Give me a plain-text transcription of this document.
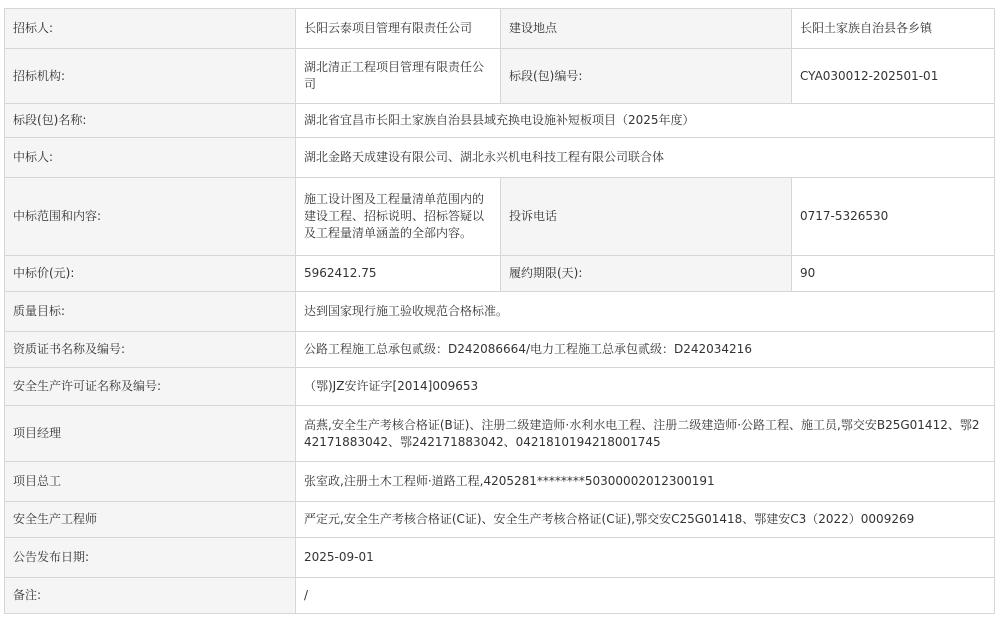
招标人:	长阳云泰项目管理有限责任公司	建设地点	长阳土家族自治县各乡镇
招标机构:	湖北清正工程项目管理有限责任公司	标段(包)编号:	CYA030012-202501-01
标段(包)名称:	湖北省宜昌市长阳土家族自治县县域充换电设施补短板项目（2025年度）		
中标人:	湖北金路天成建设有限公司、湖北永兴机电科技工程有限公司联合体		
中标范围和内容:	施工设计图及工程量清单范围内的建设工程、招标说明、招标答疑以及工程量清单涵盖的全部内容。	投诉电话	0717-5326530
中标价(元):	5962412.75	履约期限(天):	90
质量目标:	达到国家现行施工验收规范合格标准。		
资质证书名称及编号:	公路工程施工总承包贰级：D242086664/电力工程施工总承包贰级：D242034216		
安全生产许可证名称及编号:	（鄂)JZ安许证字[2014]009653		
项目经理	高燕,安全生产考核合格证(B证)、注册二级建造师·水利水电工程、注册二级建造师·公路工程、施工员,鄂交安B25G01412、鄂242171883042、鄂242171883042、0421810194218001745		
项目总工	张室政,注册土木工程师·道路工程,4205281********50300002012300191		
安全生产工程师	严定元,安全生产考核合格证(C证)、安全生产考核合格证(C证),鄂交安C25G01418、鄂建安C3（2022）0009269		
公告发布日期:	2025-09-01		
备注:	/		
